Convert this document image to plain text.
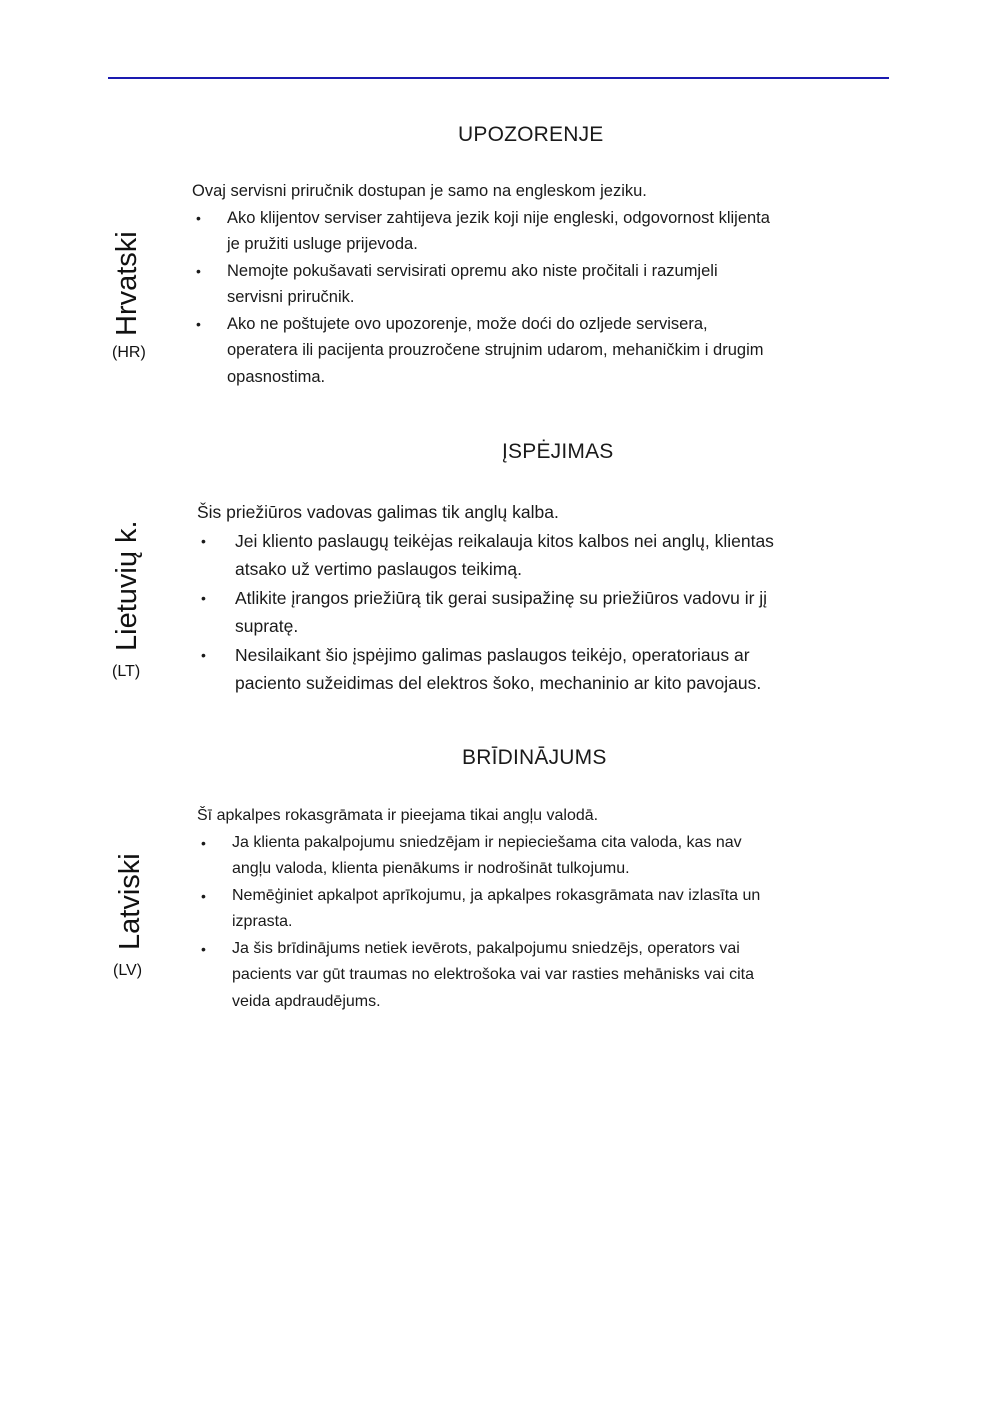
UPOZORENJE
Hrvatski
(HR)

Ovaj servisni priručnik dostupan je samo na engleskom jeziku.

• Ako klijentov serviser zahtijeva jezik koji nije engleski, odgovornost klijenta
je pružiti usluge prijevoda.
• Nemojte pokušavati servisirati opremu ako niste pročitali i razumjeli
servisni priručnik.
• Ako ne poštujete ovo upozorenje, može doći do ozljede servisera,
operatera ili pacijenta prouzročene strujnim udarom, mehaničkim i drugim
opasnostima.
ĮSPĖJIMAS
Lietuvių k.
(LT)

Šis priežiūros vadovas galimas tik anglų kalba.

• Jei kliento paslaugų teikėjas reikalauja kitos kalbos nei anglų, klientas
atsako už vertimo paslaugos teikimą.
• Atlikite įrangos priežiūrą tik gerai susipažinę su priežiūros vadovu ir jį
supratę.
• Nesilaikant šio įspėjimo galimas paslaugos teikėjo, operatoriaus ar
paciento sužeidimas del elektros šoko, mechaninio ar kito pavojaus.
BRĪDINĀJUMS
Latviski
(LV)

Šī apkalpes rokasgrāmata ir pieejama tikai angļu valodā.

• Ja klienta pakalpojumu sniedzējam ir nepieciešama cita valoda, kas nav
angļu valoda, klienta pienākums ir nodrošināt tulkojumu.
• Nemēģiniet apkalpot aprīkojumu, ja apkalpes rokasgrāmata nav izlasīta un
izprasta.
• Ja šis brīdinājums netiek ievērots, pakalpojumu sniedzējs, operators vai
pacients var gūt traumas no elektrošoka vai var rasties mehānisks vai cita
veida apdraudējums.
